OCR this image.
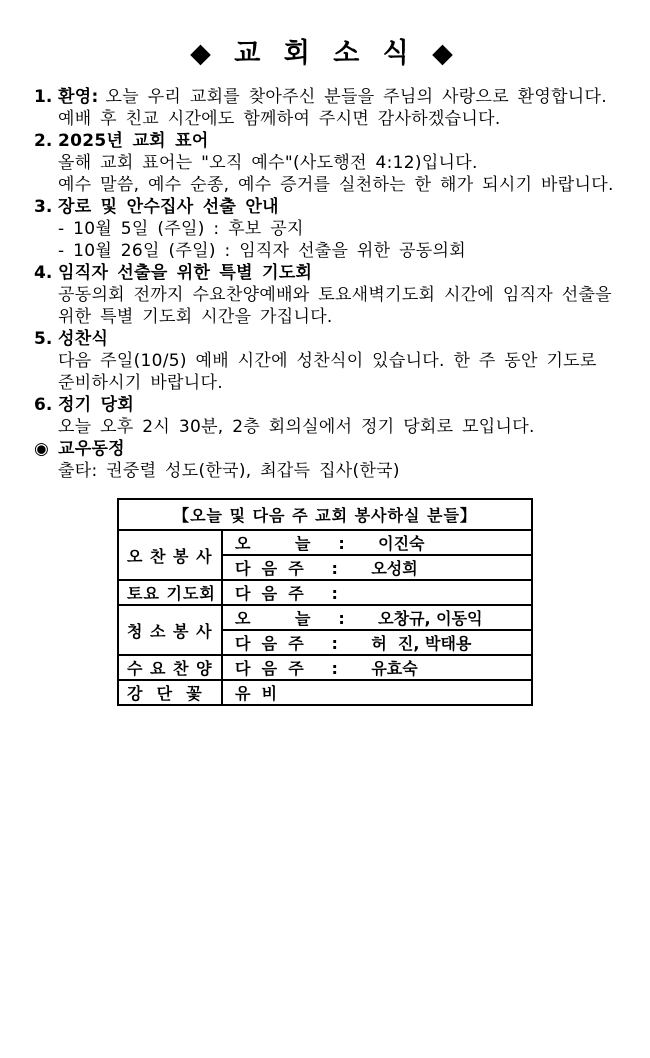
◆ 교 회 소 식 ◆
1. 환영: 오늘 우리 교회를 찾아주신 분들을 주님의 사랑으로 환영합니다.
예배 후 친교 시간에도 함께하여 주시면 감사하겠습니다.
2. 2025년 교회 표어
올해 교회 표어는 "오직 예수"(사도행전 4:12)입니다.
예수 말씀, 예수 순종, 예수 증거를 실천하는 한 해가 되시기 바랍니다.
3. 장로 및 안수집사 선출 안내
- 10월 5일 (주일) : 후보 공지
- 10월 26일 (주일) : 임직자 선출을 위한 공동의회
4. 임직자 선출을 위한 특별 기도회
공동의회 전까지 수요찬양예배와 토요새벽기도회 시간에 임직자 선출을
위한 특별 기도회 시간을 가집니다.
5. 성찬식
다음 주일(10/5) 예배 시간에 성찬식이 있습니다. 한 주 동안 기도로
준비하시기 바랍니다.
6. 정기 당회
오늘 오후 2시 30분, 2층 회의실에서 정기 당회로 모입니다.
◉ 교우동정
출타: 권중렬 성도(한국), 최갑득 집사(한국)
【오늘 및 다음 주 교회 봉사하실 분들】	
오 찬 봉 사	오        늘     :      이진숙
	다  음  주     :      오성희
토요 기도회	다  음  주     :
청 소 봉 사	오        늘     :      오창규, 이동익
	다  음  주     :      허  진, 박태용
수 요 찬 양	다  음  주     :      유효숙
강  단  꽃	유  비
